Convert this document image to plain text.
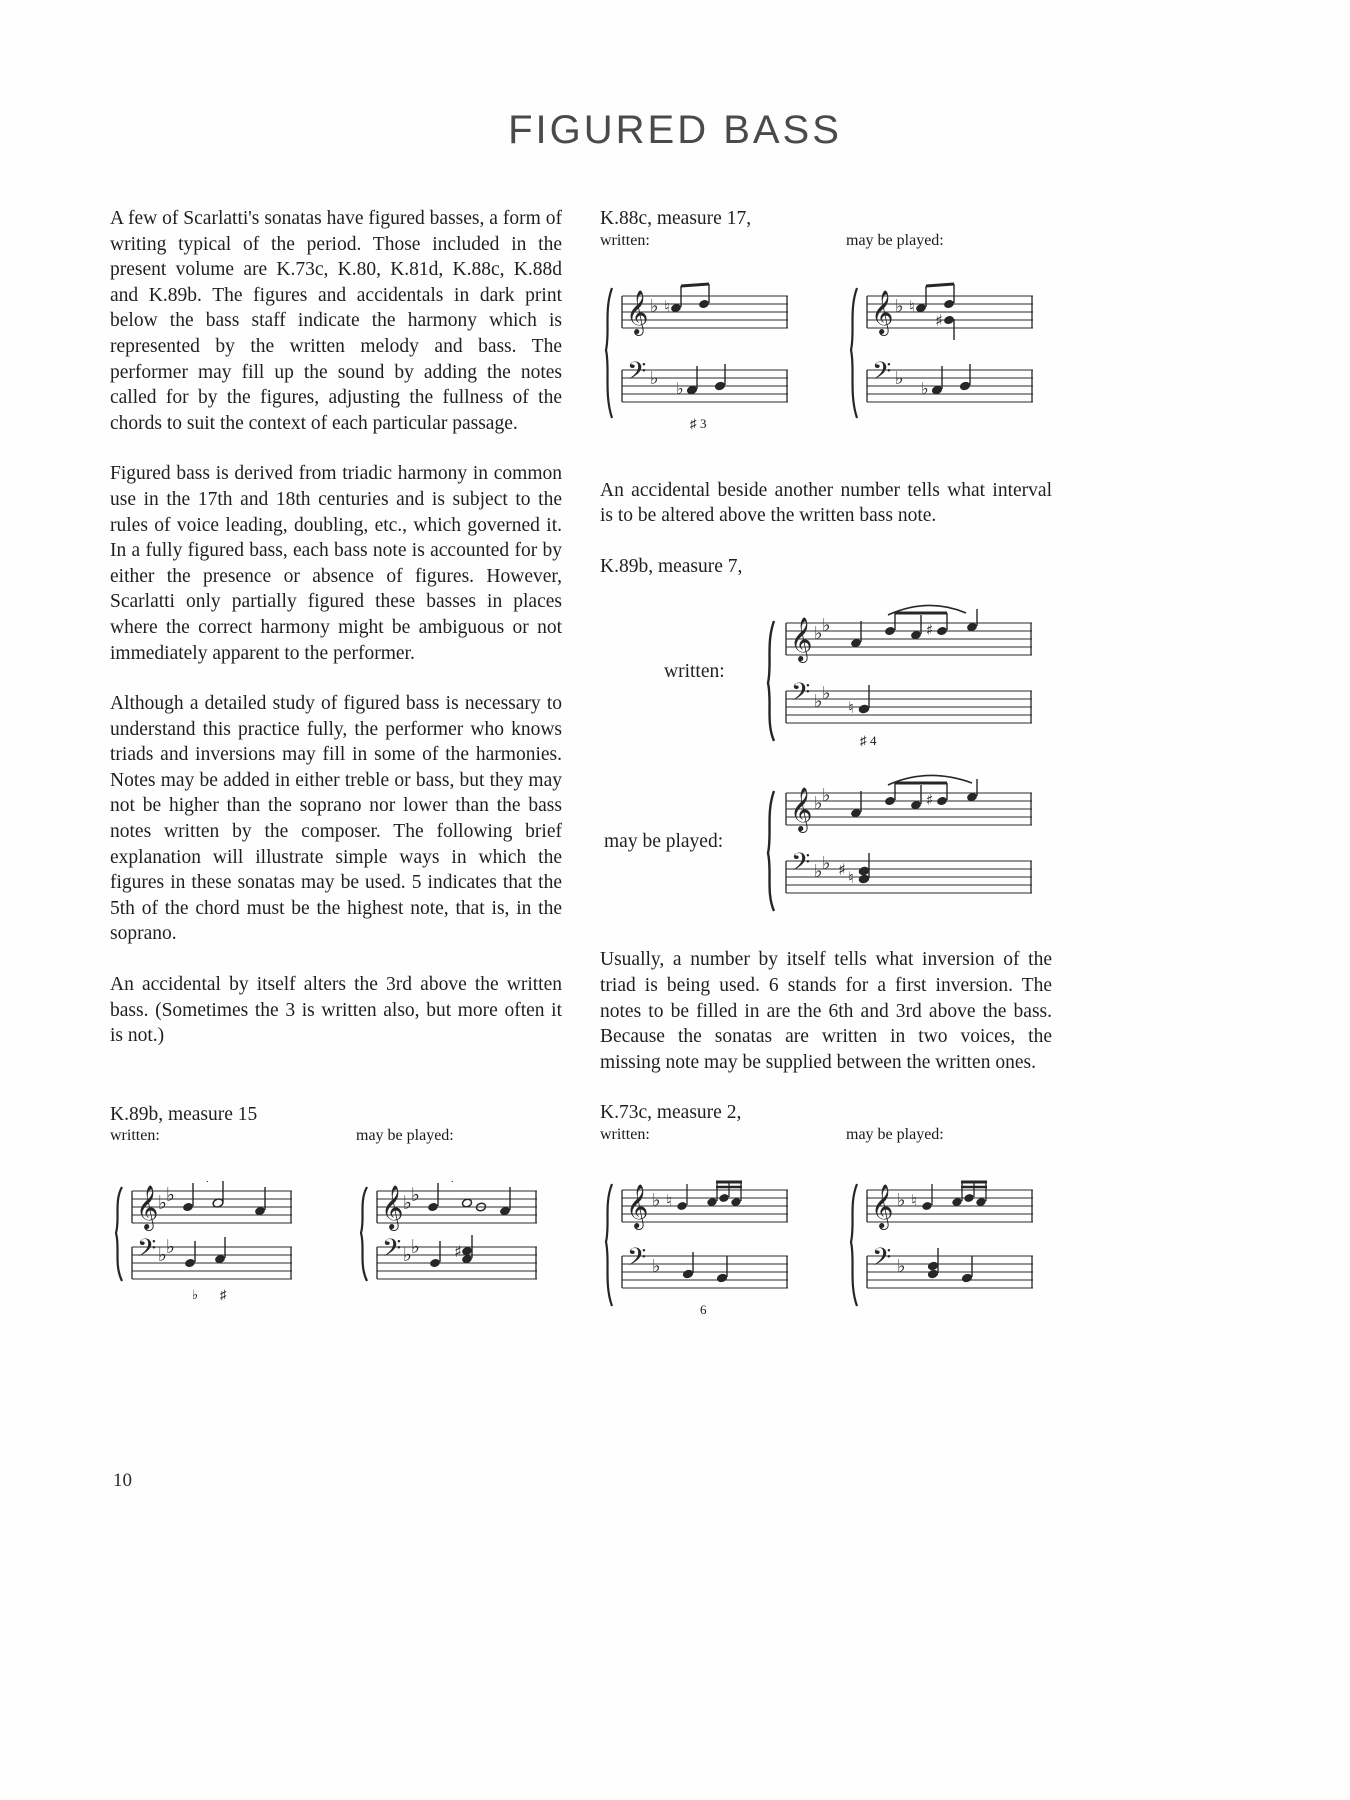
FIGURED BASS

A few of Scarlatti's sonatas have figured basses, a form of writing typical of the period. Those included in the present volume are K.73c, K.80, K.81d, K.88c, K.88d and K.89b. The figures and accidentals in dark print below the bass staff indicate the harmony which is represented by the written melody and bass. The performer may fill up the sound by adding the notes called for by the figures, adjusting the fullness of the chords to suit the context of each particular passage.

Figured bass is derived from triadic harmony in common use in the 17th and 18th centuries and is subject to the rules of voice leading, doubling, etc., which governed it. In a fully figured bass, each bass note is accounted for by either the presence or absence of figures. However, Scarlatti only partially figured these basses in places where the correct harmony might be ambiguous or not immediately apparent to the performer.

Although a detailed study of figured bass is necessary to understand this practice fully, the performer who knows triads and inversions may fill in some of the harmonies. Notes may be added in either treble or bass, but they may not be higher than the soprano nor lower than the bass notes written by the composer. The following brief explanation will illustrate simple ways in which the figures in these sonatas may be used. 5 indicates that the 5th of the chord must be the highest note, that is, in the soprano.

An accidental by itself alters the 3rd above the written bass. (Sometimes the 3 is written also, but more often it is not.)

K.89b, measure 15
written:	may be played:
𝄞
𝄢
♭ ♭
♭ ♭
♭ ♯
𝄞
𝄢
♭ ♭
♭ ♭ ♯
K.88c, measure 17,
written:	may be played:
𝄞
𝄢
♭
♭
♮
♭
♯ 3
𝄞
𝄢
♭
♭
♮
♯
♭

An accidental beside another number tells what interval is to be altered above the written bass note.

K.89b, measure 7,
written:
𝄞
𝄢
♭ ♭
♭ ♭
♯
♮
♯ 4
may be played:
𝄞
𝄢
♭ ♭
♭ ♭
♯
♮
♯

Usually, a number by itself tells what inversion of the triad is being used. 6 stands for a first inversion. The notes to be filled in are the 6th and 3rd above the bass. Because the sonatas are written in two voices, the missing note may be supplied between the written ones.

K.73c, measure 2,
written:	may be played:
𝄞
𝄢
♭
♭
♮
6
𝄞
𝄢
♭
♭
♮
10
